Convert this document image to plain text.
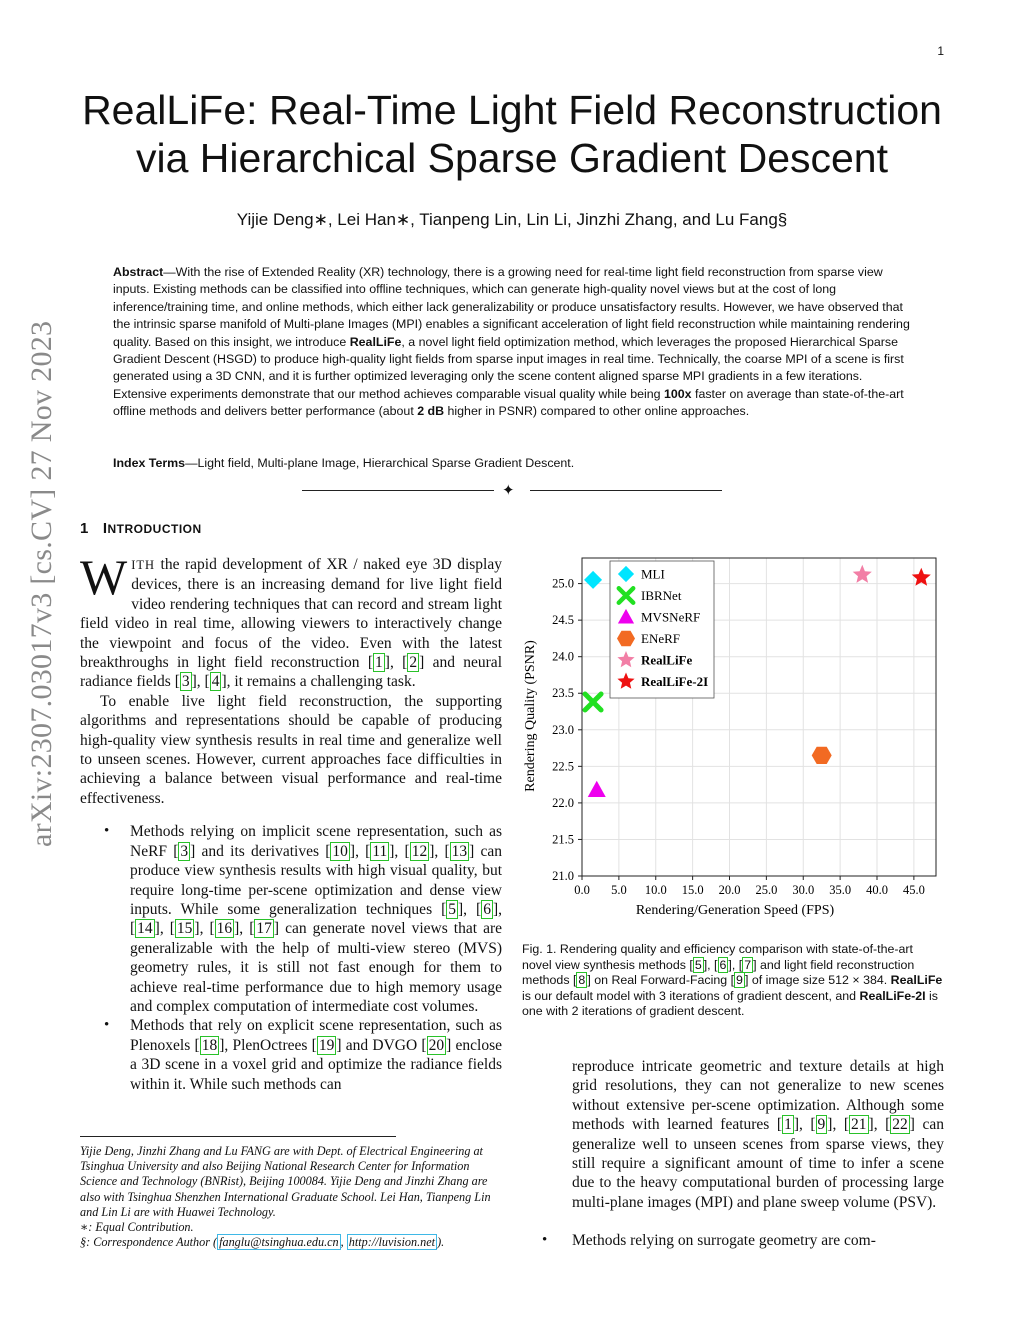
1
RealLiFe: Real-Time Light Field Reconstruction
via Hierarchical Sparse Gradient Descent
Yijie Deng∗, Lei Han∗, Tianpeng Lin, Lin Li, Jinzhi Zhang, and Lu Fang§
Abstract—With the rise of Extended Reality (XR) technology, there is a growing need for real-time light field reconstruction from sparse view inputs. Existing methods can be classified into offline techniques, which can generate high-quality novel views but at the cost of long inference/training time, and online methods, which either lack generalizability or produce unsatisfactory results. However, we have observed that the intrinsic sparse manifold of Multi-plane Images (MPI) enables a significant acceleration of light field reconstruction while maintaining rendering quality. Based on this insight, we introduce RealLiFe, a novel light field optimization method, which leverages the proposed Hierarchical Sparse Gradient Descent (HSGD) to produce high-quality light fields from sparse input images in real time. Technically, the coarse MPI of a scene is first generated using a 3D CNN, and it is further optimized leveraging only the scene content aligned sparse MPI gradients in a few iterations. Extensive experiments demonstrate that our method achieves comparable visual quality while being 100x faster on average than state-of-the-art offline methods and delivers better performance (about 2 dB higher in PSNR) compared to other online approaches.
Index Terms—Light field, Multi-plane Image, Hierarchical Sparse Gradient Descent.
✦
arXiv:2307.03017v3 [cs.CV] 27 Nov 2023 1 INTRODUCTION

WITH the rapid development of XR / naked eye 3D display devices, there is an increasing demand for live light field video rendering techniques that can record and stream light field video in real time, allowing viewers to interactively change the viewpoint and focus of the video. Even with the latest breakthroughs in light field reconstruction [ 1 ], [ 2 ] and neural radiance fields [ 3 ], [ 4 ], it remains a challenging task.

To enable live light field reconstruction, the supporting algorithms and representations should be capable of producing high-quality view synthesis results in real time and generalize well to unseen scenes. However, current approaches face difficulties in achieving a balance between visual performance and real-time effectiveness.

• Methods relying on implicit scene representation, such as NeRF [ 3 ] and its derivatives [ 10 ], [ 11 ], [ 12 ], [ 13 ] can produce view synthesis results with high visual quality, but require long-time per-scene optimization and dense view inputs. While some generalization techniques [ 5 ], [ 6 ], [ 14 ], [ 15 ], [ 16 ], [ 17 ] can generate novel views that are generalizable with the help of multi-view stereo (MVS) geometry rules, it is still not fast enough for them to achieve real-time performance due to high memory usage and complex computation of intermediate cost volumes.
• Methods that rely on explicit scene representation, such as Plenoxels [ 18 ], PlenOctrees [ 19 ] and DVGO [ 20 ] enclose a 3D scene in a voxel grid and optimize the radiance fields within it. While such methods can

Yijie Deng, Jinzhi Zhang and Lu FANG are with Dept. of Electrical Engineering at Tsinghua University and also Beijing National Research Center for Information Science and Technology (BNRist), Beijing 100084. Yijie Deng and Jinzhi Zhang are also with Tsinghua Shenzhen International Graduate School. Lei Han, Tianpeng Lin and Lin Li are with Huawei Technology.

∗: Equal Contribution.

§: Correspondence Author ( fanglu@tsinghua.edu.cn , http://luvision.net ).

21.0
21.5
22.0
22.5
23.0
23.5
24.0
24.5
25.0
0.0 5.0 10.0 15.0 20.0 25.0 30.0 35.0 40.0 45.0
Rendering/Generation Speed (FPS)
Rendering Quality (PSNR)
MLI
IBRNet
MVSNeRF
ENeRF
RealLiFe
RealLiFe-2I
Fig. 1. Rendering quality and efficiency comparison with state-of-the-art novel view synthesis methods [ 5 ], [ 6 ], [ 7 ] and light field reconstruction methods [ 8 ] on Real Forward-Facing [ 9 ] of image size 512 × 384. RealLiFe is our default model with 3 iterations of gradient descent, and RealLiFe-2I is one with 2 iterations of gradient descent.

reproduce intricate geometric and texture details at high grid resolutions, they can not generalize to new scenes without extensive per-scene optimization. Although some methods with learned features [ 1 ], [ 9 ], [ 21 ], [ 22 ] can generalize well to unseen scenes from sparse views, they still require a significant amount of time to infer a scene due to the heavy computational burden of processing large multi-plane images (MPI) and plane sweep volume (PSV).

• Methods relying on surrogate geometry are com-
